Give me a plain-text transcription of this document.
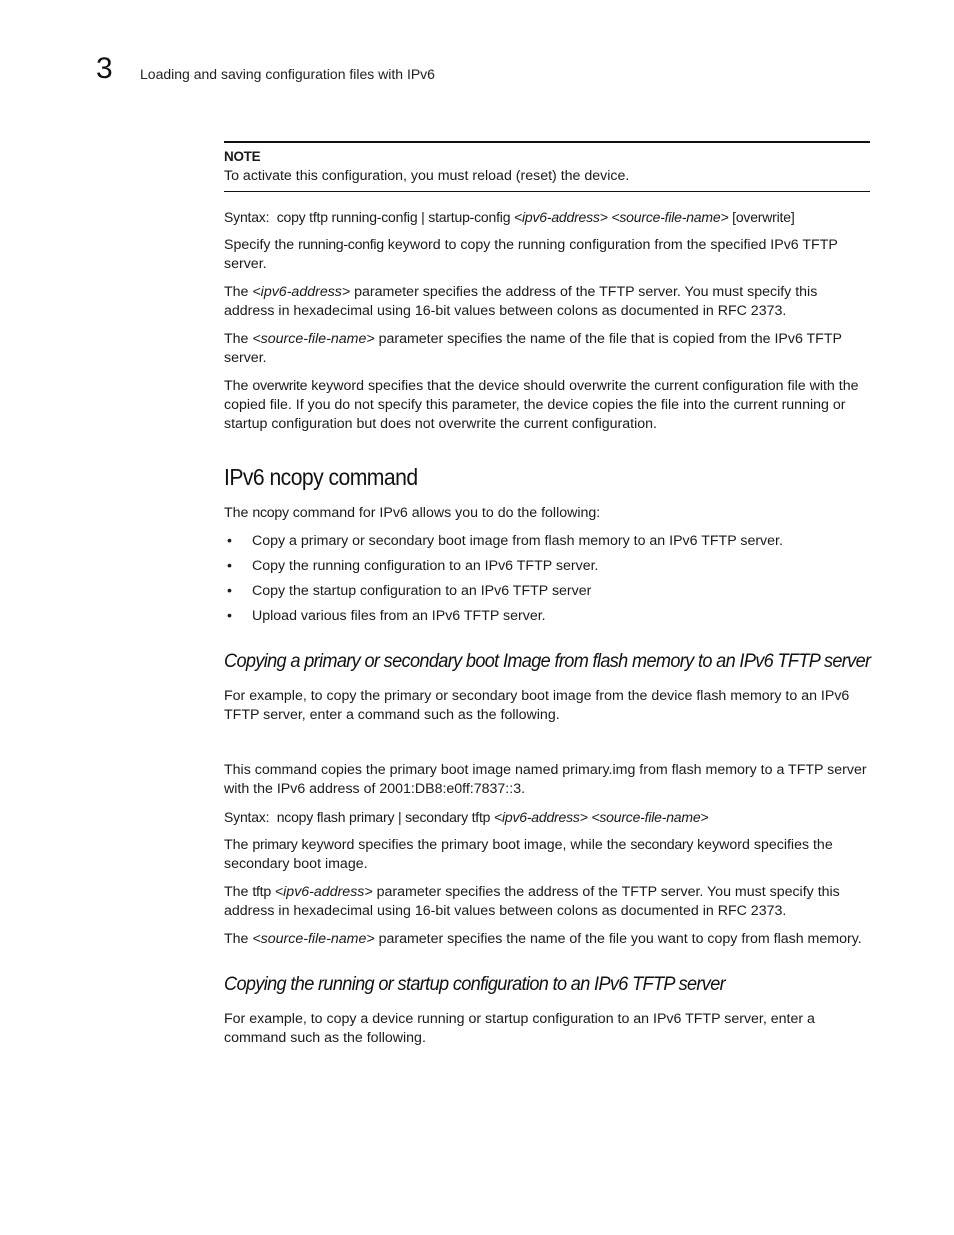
3 Loading and saving configuration files with IPv6
NOTE
To activate this configuration, you must reload (reset) the device.
Syntax: copy tftp running-config | startup-config <ipv6-address> <source-file-name> [overwrite]

Specify the running-config keyword to copy the running configuration from the specified IPv6 TFTP server.

The <ipv6-address> parameter specifies the address of the TFTP server. You must specify this address in hexadecimal using 16-bit values between colons as documented in RFC 2373.

The <source-file-name> parameter specifies the name of the file that is copied from the IPv6 TFTP server.

The overwrite keyword specifies that the device should overwrite the current configuration file with the copied file. If you do not specify this parameter, the device copies the file into the current running or startup configuration but does not overwrite the current configuration.

IPv6 ncopy command

The ncopy command for IPv6 allows you to do the following:

• Copy a primary or secondary boot image from flash memory to an IPv6 TFTP server.
• Copy the running configuration to an IPv6 TFTP server.
• Copy the startup configuration to an IPv6 TFTP server
• Upload various files from an IPv6 TFTP server.
Copying a primary or secondary boot Image from flash memory to an IPv6 TFTP server

For example, to copy the primary or secondary boot image from the device flash memory to an IPv6 TFTP server, enter a command such as the following.

This command copies the primary boot image named primary.img from flash memory to a TFTP server with the IPv6 address of 2001:DB8:e0ff:7837::3.

Syntax: ncopy flash primary | secondary tftp <ipv6-address> <source-file-name>

The primary keyword specifies the primary boot image, while the secondary keyword specifies the secondary boot image.

The tftp <ipv6-address> parameter specifies the address of the TFTP server. You must specify this address in hexadecimal using 16-bit values between colons as documented in RFC 2373.

The <source-file-name> parameter specifies the name of the file you want to copy from flash memory.

Copying the running or startup configuration to an IPv6 TFTP server

For example, to copy a device running or startup configuration to an IPv6 TFTP server, enter a command such as the following.
